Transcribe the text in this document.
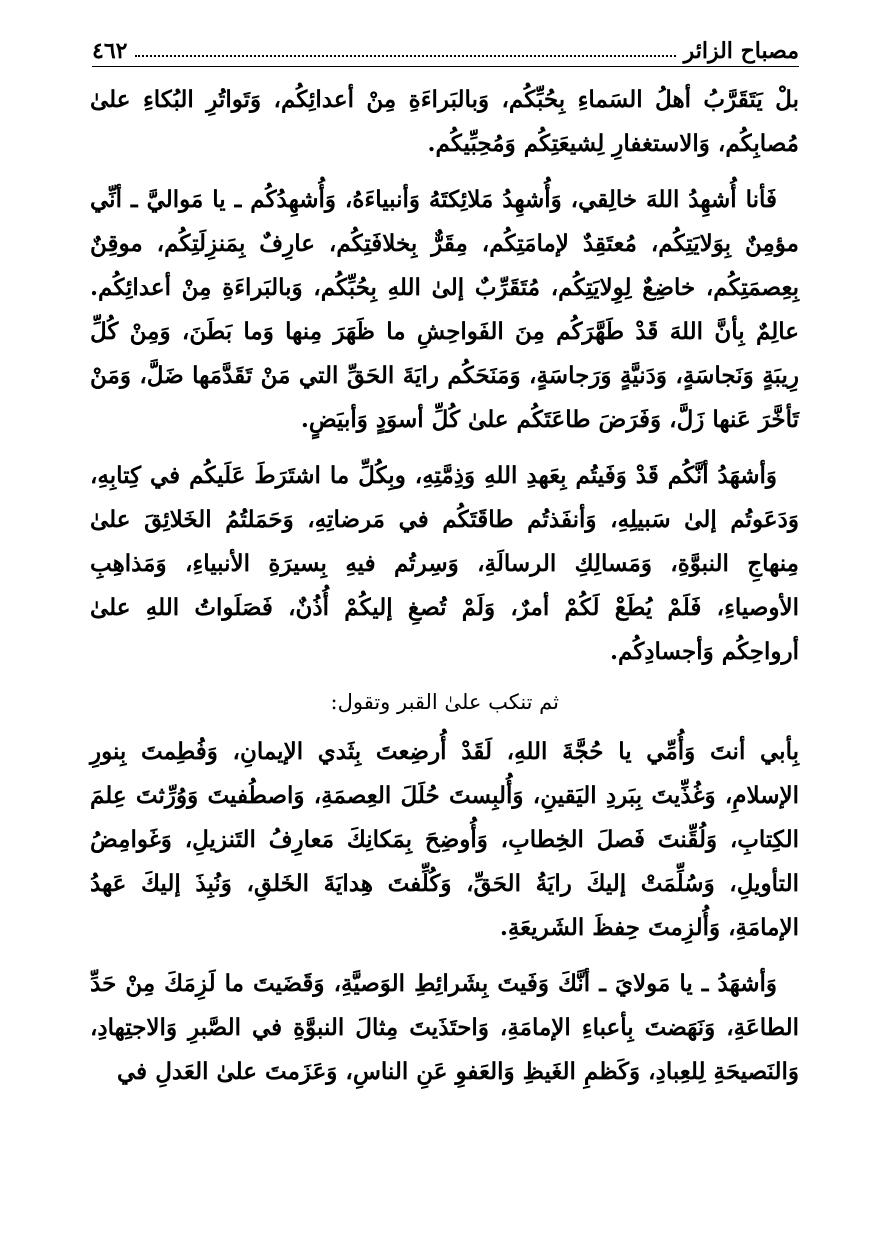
مصباح الزائر
٤٦٢

بلْ يَتَقَرَّبُ أهلُ السَماءِ بِحُبِّكُم، وَبالبَراءَةِ مِنْ أعدائِكُم، وَتَواتُرِ البُكاءِ علىٰ مُصابِكُم، وَالاستغفارِ لِشيعَتِكُم وَمُحِبِّيكُم.

فَأنا أُشهِدُ اللهَ خالِقي، وَأُشهِدُ مَلائِكتَهُ وَأنبياءَهُ، وَأُشهِدُكُم ـ يا مَواليَّ ـ أنِّي مؤمِنٌ بِوَلايَتِكُم، مُعتَقِدٌ لإمامَتِكُم، مِقَرٌّ بِخلافَتِكُم، عارِفٌ بِمَنزِلَتِكُم، موقِنٌ بِعِصمَتِكُم، خاضِعٌ لِوِلايَتِكُم، مُتَقَرِّبٌ إلىٰ اللهِ بِحُبِّكُم، وَبالبَراءَةِ مِنْ أعدائِكُم. عالِمٌ بِأنَّ اللهَ قَدْ طَهَّرَكُم مِنَ الفَواحِشِ ما ظَهَرَ مِنها وَما بَطَنَ، وَمِنْ كُلِّ رِيبَةٍ وَنَجاسَةٍ، وَدَنيَّةٍ وَرَجاسَةٍ، وَمَنَحَكُم رايَةَ الحَقِّ التي مَنْ تَقَدَّمَها ضَلَّ، وَمَنْ تَأخَّرَ عَنها زَلَّ، وَفَرَضَ طاعَتَكُم علىٰ كُلِّ أسوَدٍ وَأبيَضٍ.

وَأشهَدُ أنَّكُم قَدْ وَفَيتُم بِعَهدِ اللهِ وَذِمَّتِهِ، وبِكُلِّ ما اشتَرَطَ عَلَيكُم في كِتابِهِ، وَدَعَوتُم إلىٰ سَبيلِهِ، وَأنفَذتُم طاقَتَكُم في مَرضاتِهِ، وَحَمَلتُمُ الخَلائِقَ علىٰ مِنهاجِ النبوَّةِ، وَمَسالِكِ الرسالَةِ، وَسِرتُم فيهِ بِسيرَةِ الأنبياءِ، وَمَذاهِبِ الأوصياءِ، فَلَمْ يُطَعْ لَكُمْ أمرٌ، وَلَمْ تُصغِ إليكُمْ أُذُنٌ، فَصَلَواتُ اللهِ علىٰ أرواحِكُم وَأجسادِكُم.

ثم تنكب علىٰ القبر وتقول:

بِأبي أنتَ وَأُمِّي يا حُجَّةَ اللهِ، لَقَدْ أُرضِعتَ بِثَدي الإيمانِ، وَفُطِمتَ بِنورِ الإسلامِ، وَغُذِّيتَ بِبَردِ اليَقينِ، وَأُلبِستَ حُلَلَ العِصمَةِ، وَاصطُفيتَ وَوُرِّثتَ عِلمَ الكِتابِ، وَلُقِّنتَ فَصلَ الخِطابِ، وَأُوضِحَ بِمَكانِكَ مَعارِفُ التَنزيلِ، وَغَوامِضُ التأويلِ، وَسُلِّمَتْ إليكَ رايَةُ الحَقِّ، وَكُلِّفتَ هِدايَةَ الخَلقِ، وَنُبِذَ إليكَ عَهدُ الإمامَةِ، وَأُلزِمتَ حِفظَ الشَريعَةِ.

وَأشهَدُ ـ يا مَولايَ ـ أنَّكَ وَفَيتَ بِشَرائِطِ الوَصيَّةِ، وَقَضَيتَ ما لَزِمَكَ مِنْ حَدِّ الطاعَةِ، وَنَهَضتَ بِأعباءِ الإمامَةِ، وَاحتَذَيتَ مِثالَ النبوَّةِ في الصَّبرِ وَالاجتِهادِ، وَالنَصيحَةِ لِلعِبادِ، وَكَظمِ الغَيظِ وَالعَفوِ عَنِ الناسِ، وَعَزَمتَ علىٰ العَدلِ في
